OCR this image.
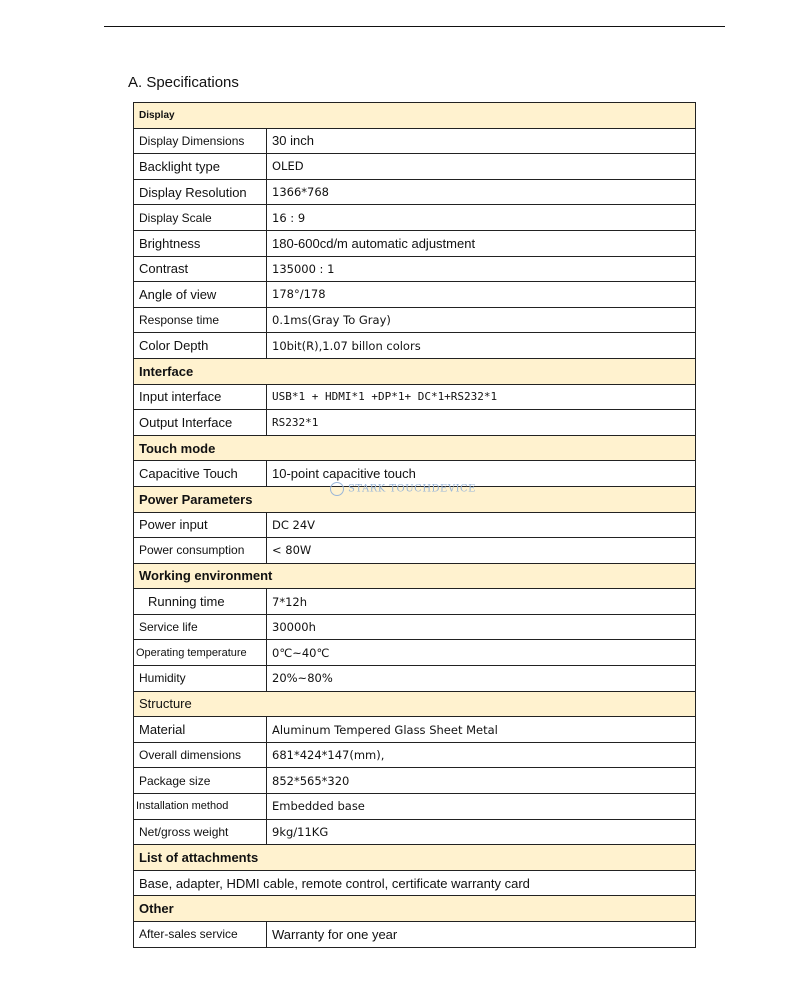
A. Specifications
Display	
Display Dimensions	30 inch
Backlight type	OLED
Display Resolution	1366*768
Display Scale	16 : 9
Brightness	180-600cd/m automatic adjustment
Contrast	135000 : 1
Angle of view	178°/178
Response time	0.1ms(Gray To Gray)
Color Depth	10bit(R),1.07 billon colors
Interface	
Input interface	USB*1 + HDMI*1 +DP*1+ DC*1+RS232*1
Output Interface	RS232*1
Touch mode	
Capacitive Touch	10-point capacitive touch
Power Parameters	
Power input	DC 24V
Power consumption	< 80W
Working environment	
Running time	7*12h
Service life	30000h
Operating temperature	0℃~40℃
Humidity	20%~80%
Structure	
Material	Aluminum Tempered Glass Sheet Metal
Overall dimensions	681*424*147(mm),
Package size	852*565*320
Installation method	Embedded base
Net/gross weight	9kg/11KG
List of attachments	
Base, adapter, HDMI cable, remote control, certificate warranty card	
Other	
After-sales service	Warranty for one year
STARK TOUCHDEVICE
